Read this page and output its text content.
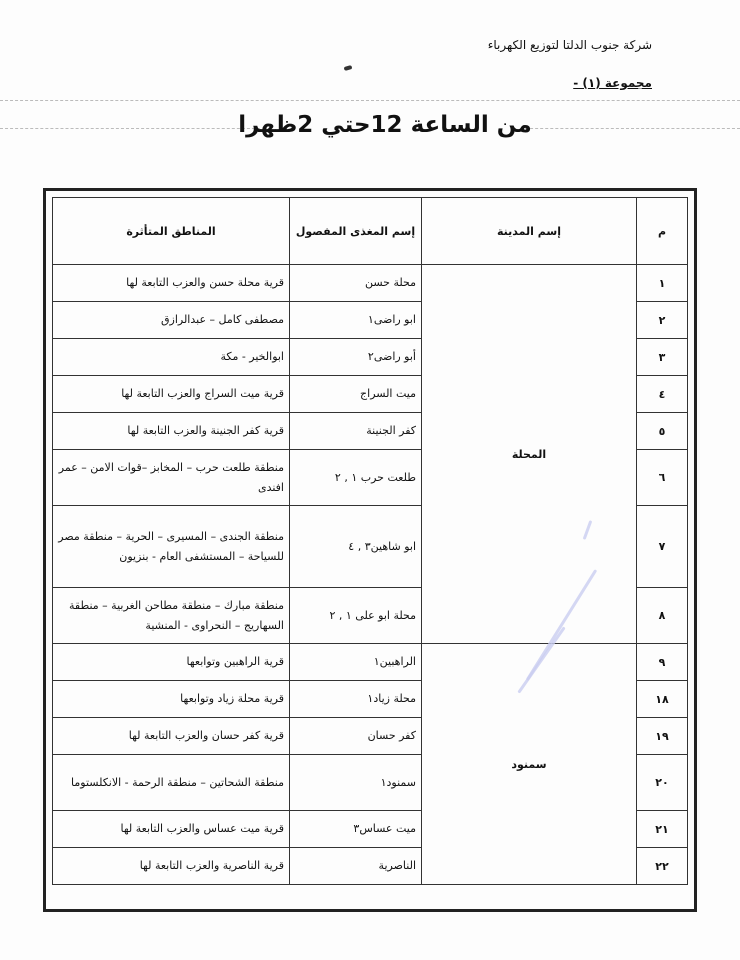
شركة جنوب الدلتا لتوزيع الكهرباء
مجموعة (١) -
من الساعة 12حتي 2ظهرا
م	إسم المدينة	إسم المغذى المفصول	المناطق المتأثرة
١	المحلة	محلة حسن	قرية محلة حسن والعزب التابعة لها
٢		ابو راضى١	مصطفى كامل – عبدالرازق
٣		أبو راضى٢	ابوالخير - مكة
٤		ميت السراج	قرية ميت السراج والعزب التابعة لها
٥		كفر الجنينة	قرية كفر الجنينة والعزب التابعة لها
٦		طلعت حرب ١ , ٢	منطقة طلعت حرب – المخابز –قوات الامن – عمر افندى
٧		ابو شاهين٣ , ٤	منطقة الجندى – المسيرى – الحرية – منطقة مصر للسياحة – المستشفى العام - بنزيون
٨		محلة ابو على ١ , ٢	منطقة مبارك – منطقة مطاحن الغربية – منطقة السهاريج – النحراوى - المنشية
٩	سمنود	الراهبين١	قرية الراهبين وتوابعها
١٨		محلة زياد١	قرية محلة زياد وتوابعها
١٩		كفر حسان	قرية كفر حسان والعزب التابعة لها
٢٠		سمنود١	منطقة الشحاتين – منطقة الرحمة - الانكلستوما
٢١		ميت عساس٣	قرية ميت عساس والعزب التابعة لها
٢٢		الناصرية	قرية الناصرية والعزب التابعة لها
